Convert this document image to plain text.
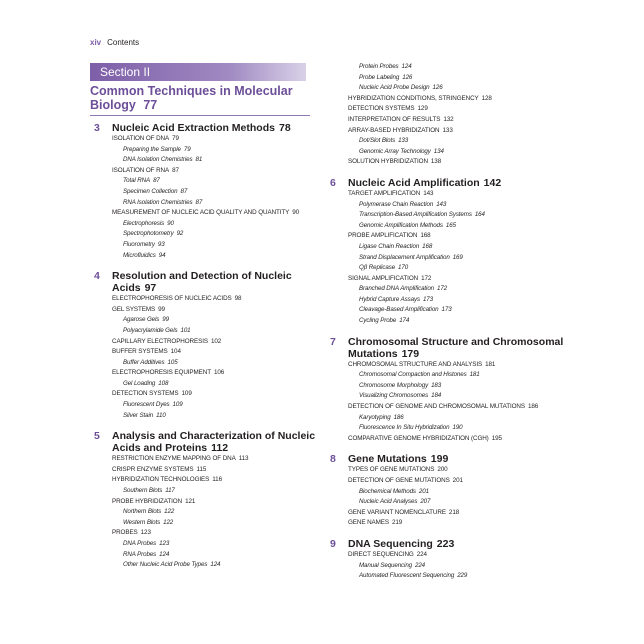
xiv Contents
Section II
Common Techniques in Molecular Biology 77
3 Nucleic Acid Extraction Methods 78
ISOLATION OF DNA 79
Preparing the Sample 79
DNA Isolation Chemistries 81
ISOLATION OF RNA 87
Total RNA 87
Specimen Collection 87
RNA Isolation Chemistries 87
MEASUREMENT OF NUCLEIC ACID QUALITY AND QUANTITY 90
Electrophoresis 90
Spectrophotometry 92
Fluorometry 93
Microfluidics 94
4 Resolution and Detection of Nucleic Acids 97
ELECTROPHORESIS OF NUCLEIC ACIDS 98
GEL SYSTEMS 99
Agarose Gels 99
Polyacrylamide Gels 101
CAPILLARY ELECTROPHORESIS 102
BUFFER SYSTEMS 104
Buffer Additives 105
ELECTROPHORESIS EQUIPMENT 106
Gel Loading 108
DETECTION SYSTEMS 109
Fluorescent Dyes 109
Silver Stain 110
5 Analysis and Characterization of Nucleic Acids and Proteins 112
RESTRICTION ENZYME MAPPING OF DNA 113
CRISPR ENZYME SYSTEMS 115
HYBRIDIZATION TECHNOLOGIES 116
Southern Blots 117
PROBE HYBRIDIZATION 121
Northern Blots 122
Western Blots 122
PROBES 123
DNA Probes 123
RNA Probes 124
Other Nucleic Acid Probe Types 124
Protein Probes 124
Probe Labeling 126
Nucleic Acid Probe Design 126
HYBRIDIZATION CONDITIONS, STRINGENCY 128
DETECTION SYSTEMS 129
INTERPRETATION OF RESULTS 132
ARRAY-BASED HYBRIDIZATION 133
Dot/Slot Blots 133
Genomic Array Technology 134
SOLUTION HYBRIDIZATION 138
6 Nucleic Acid Amplification 142
TARGET AMPLIFICATION 143
Polymerase Chain Reaction 143
Transcription-Based Amplification Systems 164
Genomic Amplification Methods 165
PROBE AMPLIFICATION 168
Ligase Chain Reaction 168
Strand Displacement Amplification 169
Qβ Replicase 170
SIGNAL AMPLIFICATION 172
Branched DNA Amplification 172
Hybrid Capture Assays 173
Cleavage-Based Amplification 173
Cycling Probe 174
7 Chromosomal Structure and Chromosomal Mutations 179
CHROMOSOMAL STRUCTURE AND ANALYSIS 181
Chromosomal Compaction and Histones 181
Chromosome Morphology 183
Visualizing Chromosomes 184
DETECTION OF GENOME AND CHROMOSOMAL MUTATIONS 186
Karyotyping 186
Fluorescence In Situ Hybridization 190
COMPARATIVE GENOME HYBRIDIZATION (CGH) 195
8 Gene Mutations 199
TYPES OF GENE MUTATIONS 200
DETECTION OF GENE MUTATIONS 201
Biochemical Methods 201
Nucleic Acid Analyses 207
GENE VARIANT NOMENCLATURE 218
GENE NAMES 219
9 DNA Sequencing 223
DIRECT SEQUENCING 224
Manual Sequencing 224
Automated Fluorescent Sequencing 229
